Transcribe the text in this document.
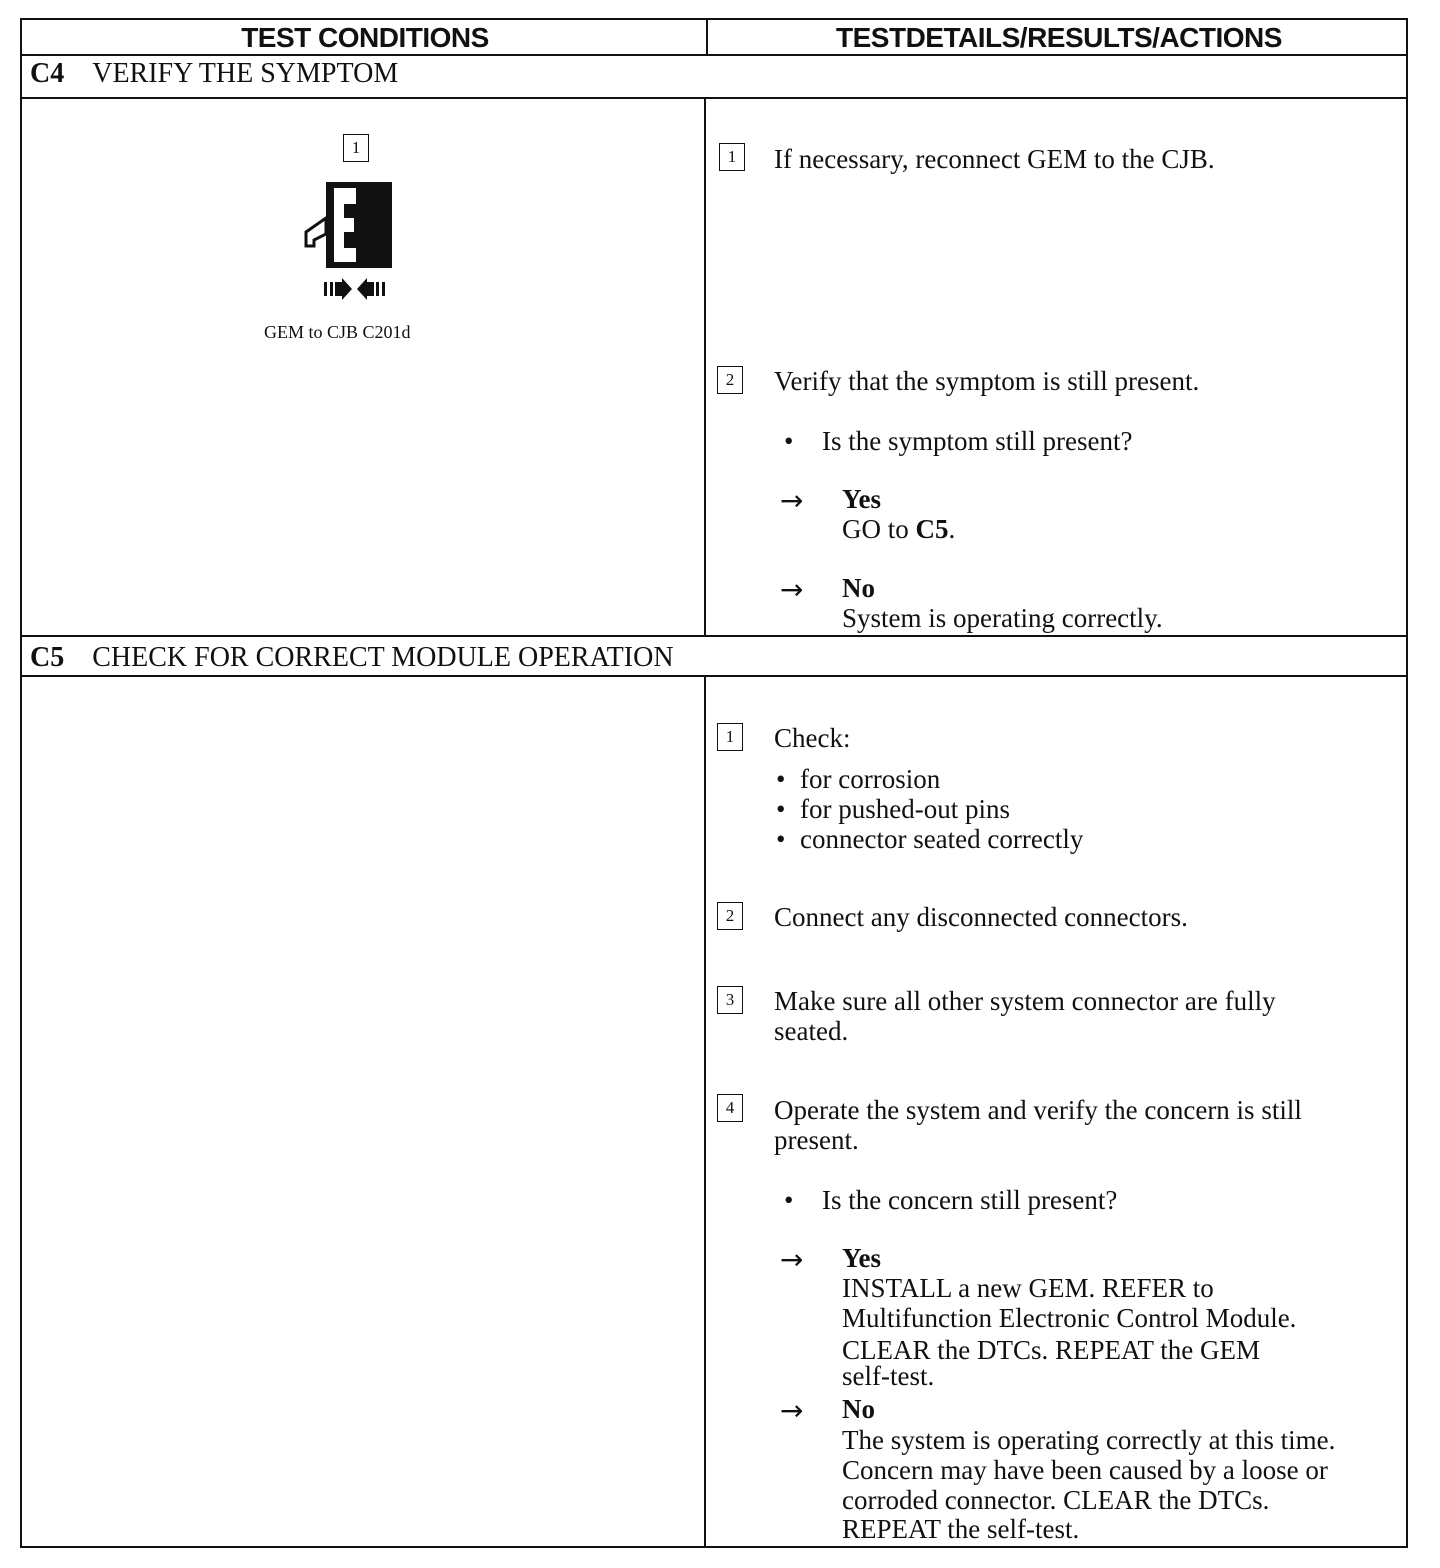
TEST CONDITIONS	TESTDETAILS/RESULTS/ACTIONS
C4 VERIFY THE SYMPTOM
1
GEM to CJB C201d
1	If necessary, reconnect GEM to the CJB.
2	Verify that the symptom is still present.
• Is the symptom still present?
→ Yes
GO to C5.
→ No
System is operating correctly.
C5 CHECK FOR CORRECT MODULE OPERATION
1	Check:
• for corrosion
• for pushed-out pins
• connector seated correctly
2	Connect any disconnected connectors.
3	Make sure all other system connector are fully
seated.
4	Operate the system and verify the concern is still
present.
• Is the concern still present?
→ Yes
INSTALL a new GEM. REFER to
Multifunction Electronic Control Module.
CLEAR the DTCs. REPEAT the GEM
self-test.
→ No
The system is operating correctly at this time.
Concern may have been caused by a loose or
corroded connector. CLEAR the DTCs.
REPEAT the self-test.
